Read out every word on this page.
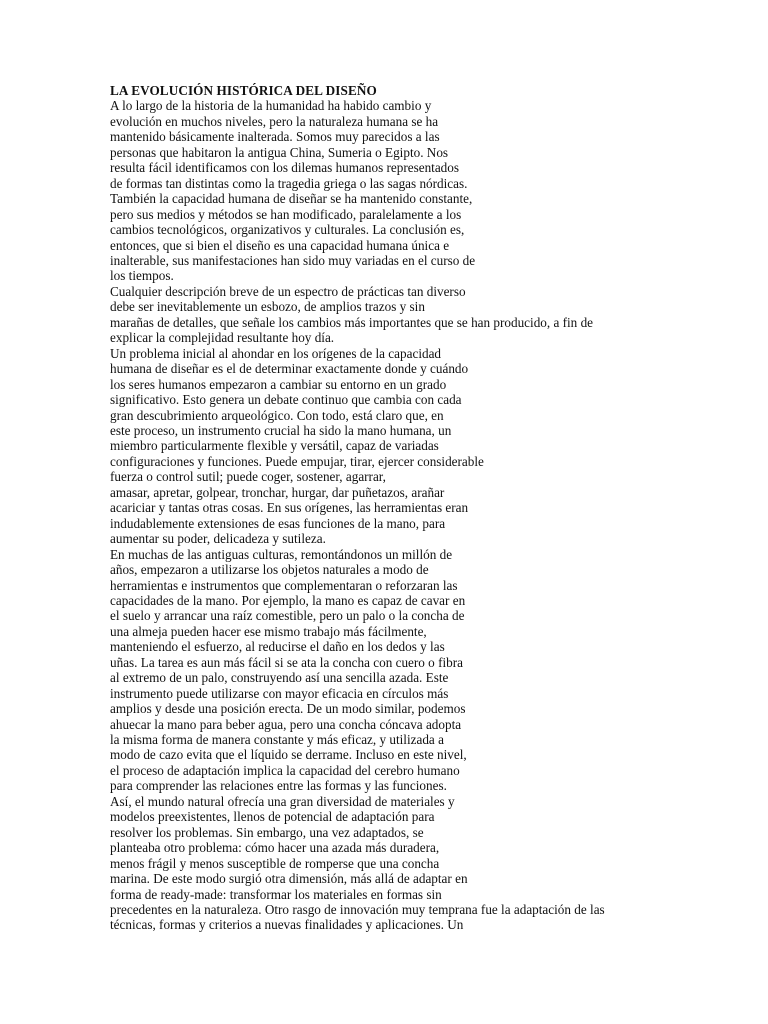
LA EVOLUCIÓN HISTÓRICA DEL DISEÑO
A lo largo de la historia de la humanidad ha habido cambio y
evolución en muchos niveles, pero la naturaleza humana se ha
mantenido básicamente inalterada. Somos muy parecidos a las
personas que habitaron la antigua China, Sumeria o Egipto. Nos
resulta fácil identificamos con los dilemas humanos representados
de formas tan distintas como la tragedia griega o las sagas nórdicas.
También la capacidad humana de diseñar se ha mantenido constante,
pero sus medios y métodos se han modificado, paralelamente a los
cambios tecnológicos, organizativos y culturales. La conclusión es,
entonces, que si bien el diseño es una capacidad humana única e
inalterable, sus manifestaciones han sido muy variadas en el curso de
los tiempos.
Cualquier descripción breve de un espectro de prácticas tan diverso
debe ser inevitablemente un esbozo, de amplios trazos y sin
marañas de detalles, que señale los cambios más importantes que se han producido, a fin de
explicar la complejidad resultante hoy día.
Un problema inicial al ahondar en los orígenes de la capacidad
humana de diseñar es el de determinar exactamente donde y cuándo
los seres humanos empezaron a cambiar su entorno en un grado
significativo. Esto genera un debate continuo que cambia con cada
gran descubrimiento arqueológico. Con todo, está claro que, en
este proceso, un instrumento crucial ha sido la mano humana, un
miembro particularmente flexible y versátil, capaz de variadas
configuraciones y funciones. Puede empujar, tirar, ejercer considerable
fuerza o control sutil; puede coger, sostener, agarrar,
amasar, apretar, golpear, tronchar, hurgar, dar puñetazos, arañar
acariciar y tantas otras cosas. En sus orígenes, las herramientas eran
indudablemente extensiones de esas funciones de la mano, para
aumentar su poder, delicadeza y sutileza.
En muchas de las antiguas culturas, remontándonos un millón de
años, empezaron a utilizarse los objetos naturales a modo de
herramientas e instrumentos que complementaran o reforzaran las
capacidades de la mano. Por ejemplo, la mano es capaz de cavar en
el suelo y arrancar una raíz comestible, pero un palo o la concha de
una almeja pueden hacer ese mismo trabajo más fácilmente,
manteniendo el esfuerzo, al reducirse el daño en los dedos y las
uñas. La tarea es aun más fácil si se ata la concha con cuero o fibra
al extremo de un palo, construyendo así una sencilla azada. Este
instrumento puede utilizarse con mayor eficacia en círculos más
amplios y desde una posición erecta. De un modo similar, podemos
ahuecar la mano para beber agua, pero una concha cóncava adopta
la misma forma de manera constante y más eficaz, y utilizada a
modo de cazo evita que el líquido se derrame. Incluso en este nivel,
el proceso de adaptación implica la capacidad del cerebro humano
para comprender las relaciones entre las formas y las funciones.
Así, el mundo natural ofrecía una gran diversidad de materiales y
modelos preexistentes, llenos de potencial de adaptación para
resolver los problemas. Sin embargo, una vez adaptados, se
planteaba otro problema: cómo hacer una azada más duradera,
menos frágil y menos susceptible de romperse que una concha
marina. De este modo surgió otra dimensión, más allá de adaptar en
forma de ready-made: transformar los materiales en formas sin
precedentes en la naturaleza. Otro rasgo de innovación muy temprana fue la adaptación de las
técnicas, formas y criterios a nuevas finalidades y aplicaciones. Un
